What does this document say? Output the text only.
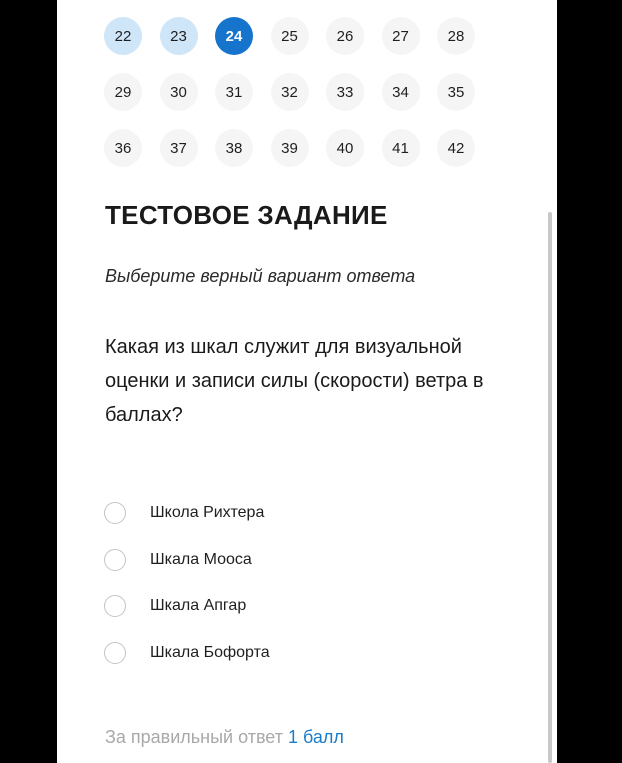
22	23	24	25	26	27	28
29	30	31	32	33	34	35
36	37	38	39	40	41	42
ТЕСТОВОЕ ЗАДАНИЕ

Выберите верный вариант ответа

Какая из шкал служит для визуальной оценки и записи силы (скорости) ветра в баллах?

Школа Рихтера
Шкала Мооса
Шкала Апгар
Шкала Бофорта
За правильный ответ 1 балл
